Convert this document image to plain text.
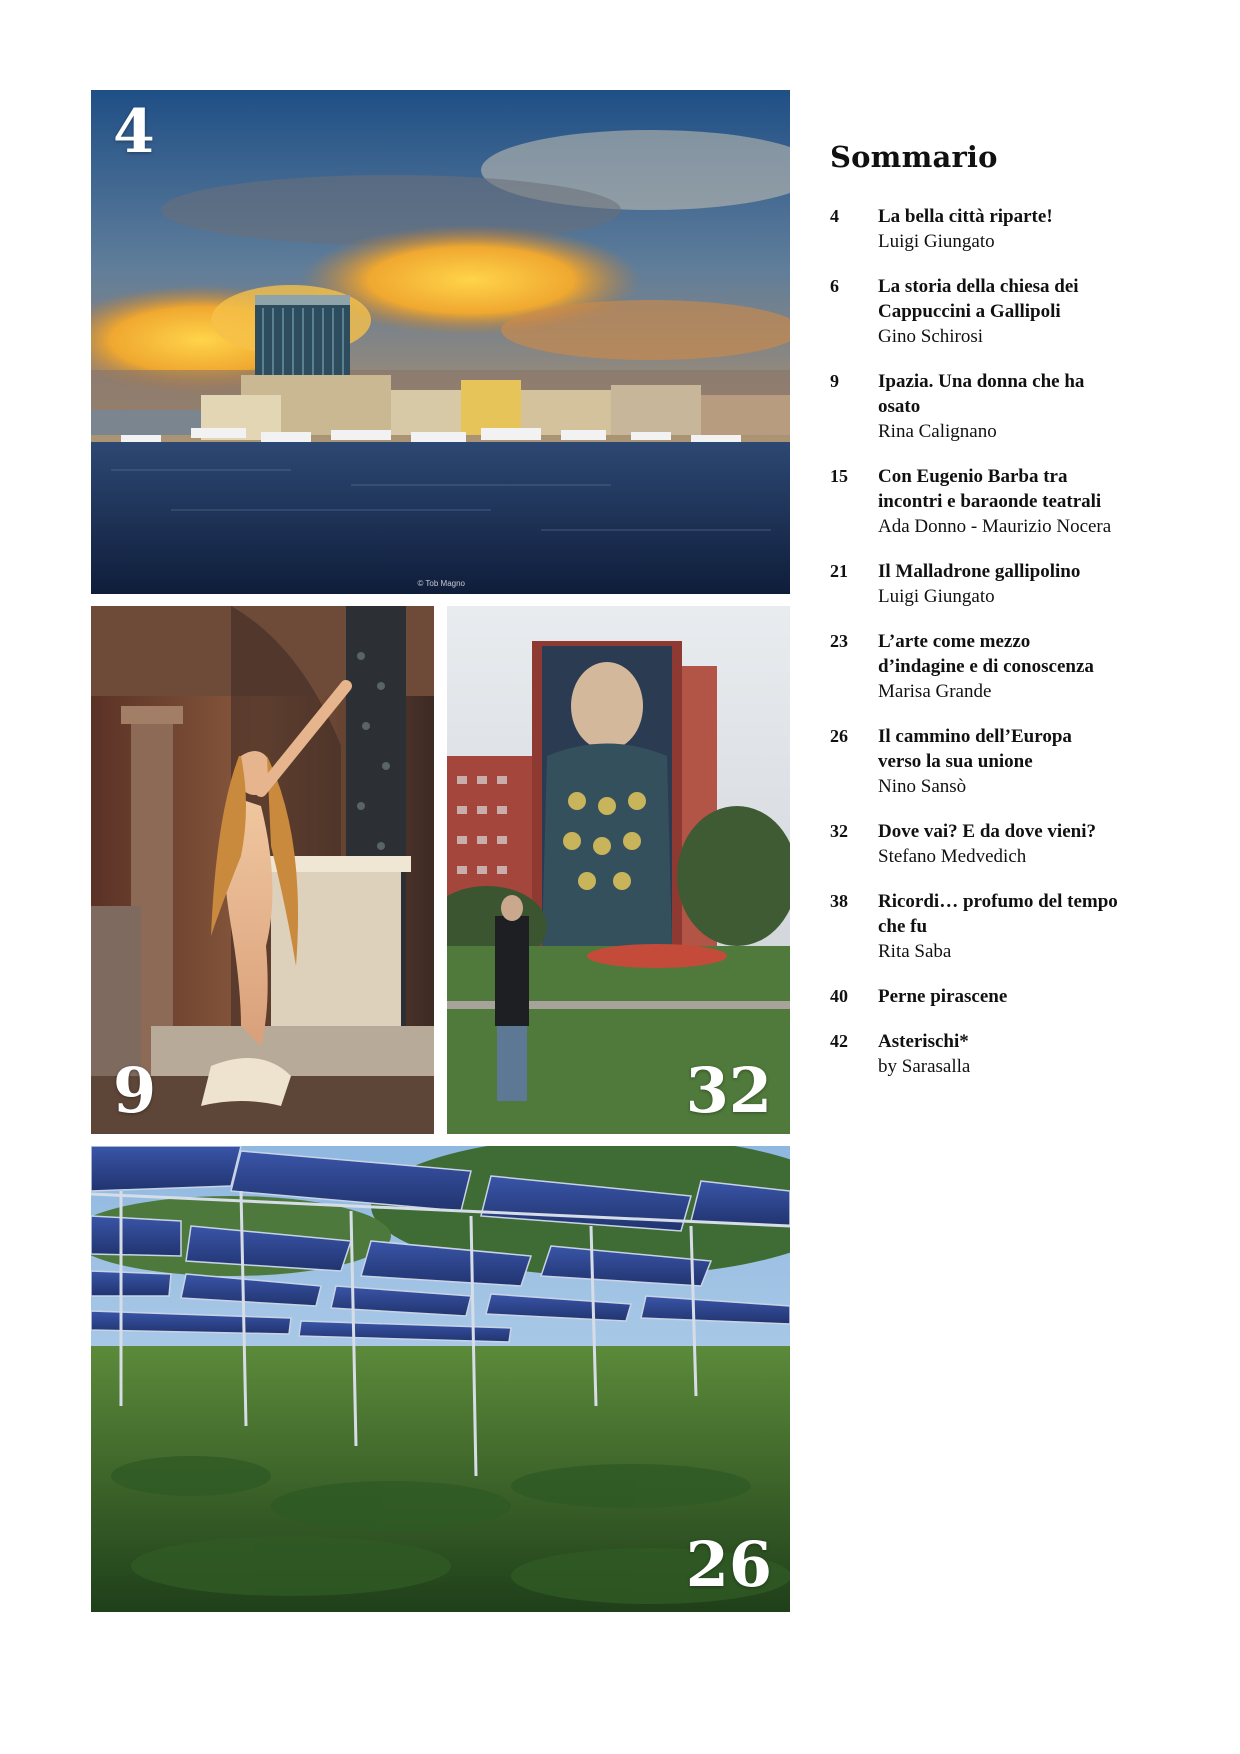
4
© Tob Magno
9	32
26
Sommario
4	La bella città riparte!
Luigi Giungato
6	La storia della chiesa dei
Cappuccini a Gallipoli
Gino Schirosi
9	Ipazia. Una donna che ha
osato
Rina Calignano
15	Con Eugenio Barba tra
incontri e baraonde teatrali
Ada Donno - Maurizio Nocera
21	Il Malladrone gallipolino
Luigi Giungato
23	L’arte come mezzo
d’indagine e di conoscenza
Marisa Grande
26	Il cammino dell’Europa
verso la sua unione
Nino Sansò
32	Dove vai? E da dove vieni?
Stefano Medvedich
38	Ricordi… profumo del tempo
che fu
Rita Saba
40	Perne pirascene
42	Asterischi*
by Sarasalla
